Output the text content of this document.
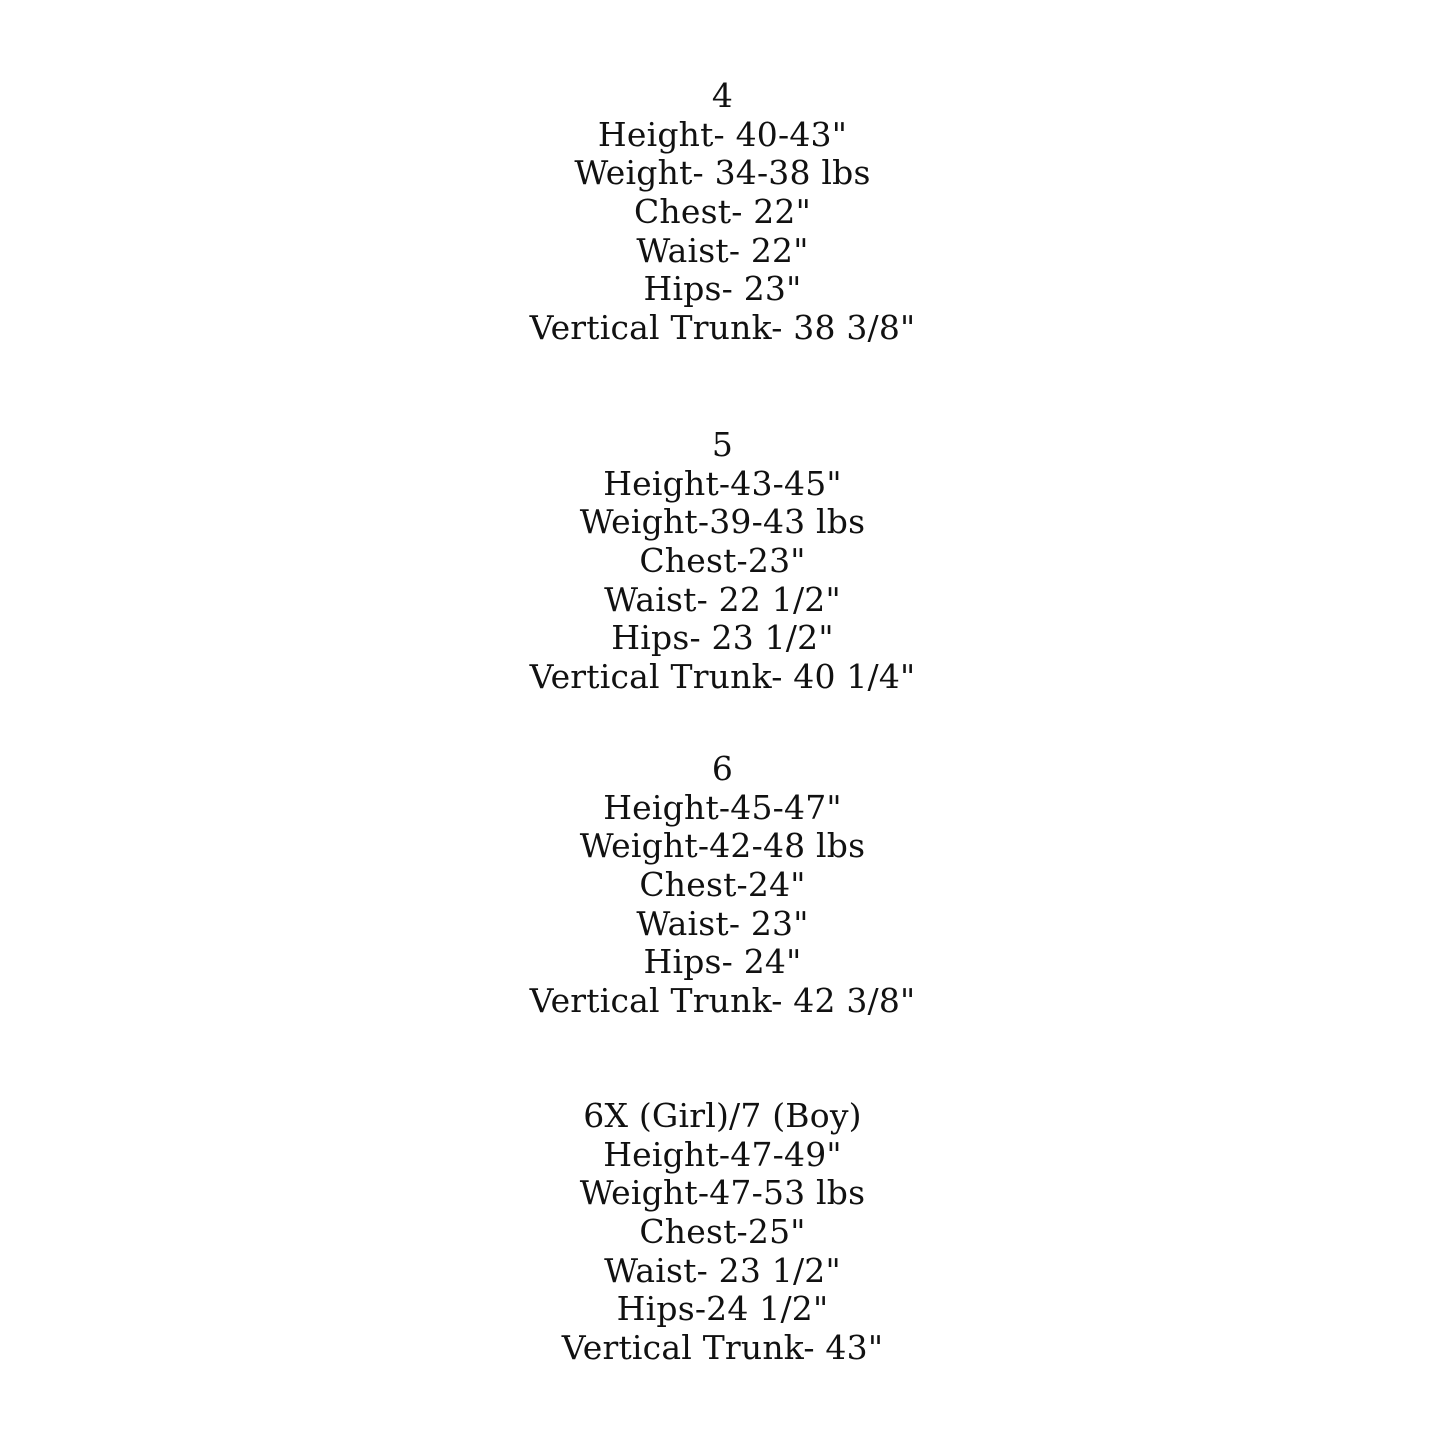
4
Height- 40-43"
Weight- 34-38 lbs
Chest- 22"
Waist- 22"
Hips- 23"
Vertical Trunk- 38 3/8"
5
Height-43-45"
Weight-39-43 lbs
Chest-23"
Waist- 22 1/2"
Hips- 23 1/2"
Vertical Trunk- 40 1/4"
6
Height-45-47"
Weight-42-48 lbs
Chest-24"
Waist- 23"
Hips- 24"
Vertical Trunk- 42 3/8"
6X (Girl)/7 (Boy)
Height-47-49"
Weight-47-53 lbs
Chest-25"
Waist- 23 1/2"
Hips-24 1/2"
Vertical Trunk- 43"
